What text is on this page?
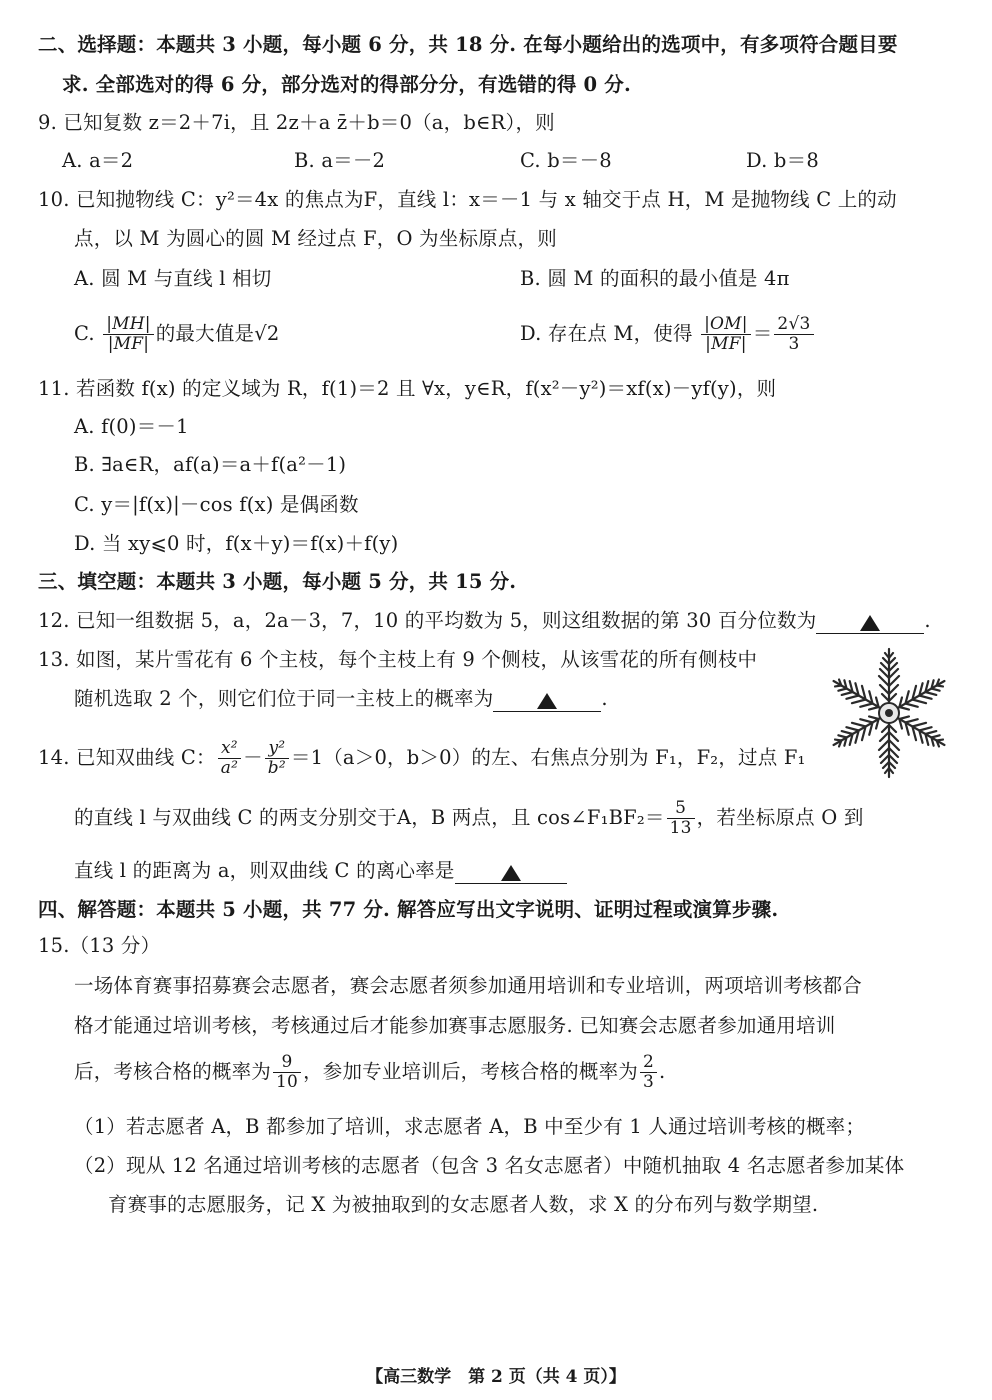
二、选择题：本题共 3 小题，每小题 6 分，共 18 分. 在每小题给出的选项中，有多项符合题目要
求. 全部选对的得 6 分，部分选对的得部分分，有选错的得 0 分.
9. 已知复数 z＝2＋7i，且 2z＋a z̄＋b＝0（a，b∈R），则
A. a＝2	B. a＝－2	C. b＝－8	D. b＝8
10. 已知抛物线 C：y²＝4x 的焦点为F，直线 l：x＝－1 与 x 轴交于点 H，M 是抛物线 C 上的动
点，以 M 为圆心的圆 M 经过点 F，O 为坐标原点，则
A. 圆 M 与直线 l 相切	B. 圆 M 的面积的最小值是 4π
C. $\frac{|MH|}{|MF|}$ 的最大值是√2	D. 存在点 M，使得 $\frac{|OM|}{|MF|} = \frac{2√3}{3}$
11. 若函数 f(x) 的定义域为 R，f(1)＝2 且 ∀x，y∈R，f(x²－y²)＝xf(x)－yf(y)，则
A. f(0)＝－1
B. ∃a∈R，af(a)＝a＋f(a²－1)
C. y＝|f(x)|－cos f(x) 是偶函数
D. 当 xy⩽0 时，f(x＋y)＝f(x)＋f(y)
三、填空题：本题共 3 小题，每小题 5 分，共 15 分.
12. 已知一组数据 5，a，2a－3，7，10 的平均数为 5，则这组数据的第 30 百分位数为	.
13. 如图，某片雪花有 6 个主枝，每个主枝上有 9 个侧枝，从该雪花的所有侧枝中
随机选取 2 个，则它们位于同一主枝上的概率为	.
14. 已知双曲线 C： $\frac{\text{x²}}{\text{a²}} - \frac{\text{y²}}{\text{b²}} =1(a>0$，b＞0）的左、右焦点分别为 F₁，F₂，过点 F₁
的直线 l 与双曲线 C 的两支分别交于A，B 两点，且 cos∠F₁BF₂＝ $\frac{5}{13}$ ，若坐标原点 O 到
直线 l 的距离为 a，则双曲线 C 的离心率是
四、解答题：本题共 5 小题，共 77 分. 解答应写出文字说明、证明过程或演算步骤.
15.（13 分）
一场体育赛事招募赛会志愿者，赛会志愿者须参加通用培训和专业培训，两项培训考核都合
格才能通过培训考核，考核通过后才能参加赛事志愿服务. 已知赛会志愿者参加通用培训
后，考核合格的概率为 $\frac{9}{10}$ ，参加专业培训后，考核合格的概率为 $\frac{2}{3}$ .
（1）若志愿者 A，B 都参加了培训，求志愿者 A，B 中至少有 1 人通过培训考核的概率；
（2）现从 12 名通过培训考核的志愿者（包含 3 名女志愿者）中随机抽取 4 名志愿者参加某体
育赛事的志愿服务，记 X 为被抽取到的女志愿者人数，求 X 的分布列与数学期望.
【高三数学　第 2 页（共 4 页）】
